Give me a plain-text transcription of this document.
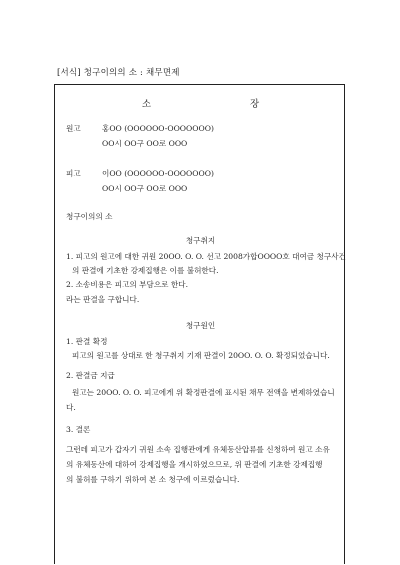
[서식] 청구이의의 소 : 채무면제
소 장
원고	홍OO (OOOOOO-OOOOOOO)
OO시 OO구 OO로 OOO
피고	이OO (OOOOOO-OOOOOOO)
OO시 OO구 OO로 OOO
청구이의의 소
청구취지
1. 피고의 원고에 대한 귀원 20OO. O. O. 선고 2008가합OOOO호 대여금 청구사건
의 판결에 기초한 강제집행은 이를 불허한다.
2. 소송비용은 피고의 부담으로 한다.
라는 판결을 구합니다.
청구원인
1. 판결 확정
피고의 원고를 상대로 한 청구취지 기재 판결이 20OO. O. O. 확정되었습니다.
2. 판결금 지급
원고는 20OO. O. O. 피고에게 위 확정판결에 표시된 채무 전액을 변제하였습니
다.
3. 결론
그런데 피고가 갑자기 귀원 소속 집행관에게 유체동산압류를 신청하여 원고 소유
의 유체동산에 대하여 강제집행을 개시하였으므로, 위 판결에 기초한 강제집행
의 불허를 구하기 위하여 본 소 청구에 이르렀습니다.
